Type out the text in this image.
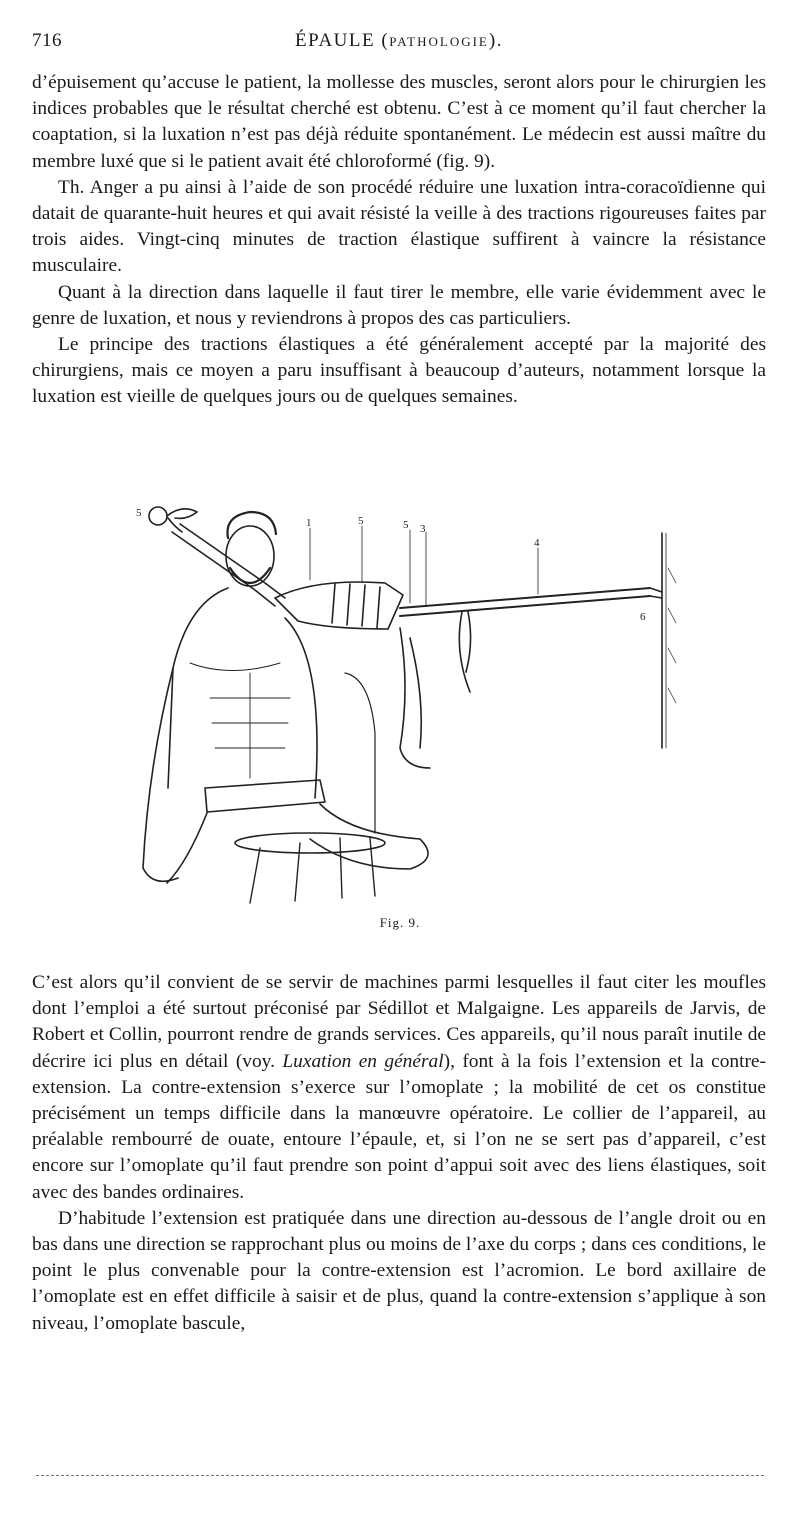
716	ÉPAULE (PATHOLOGIE).

d’épuisement qu’accuse le patient, la mollesse des muscles, seront alors pour le chirurgien les indices probables que le résultat cherché est obtenu. C’est à ce moment qu’il faut chercher la coaptation, si la luxation n’est pas déjà réduite spontanément. Le médecin est aussi maître du membre luxé que si le patient avait été chloroformé (fig. 9).

Th. Anger a pu ainsi à l’aide de son procédé réduire une luxation intra-coracoïdienne qui datait de quarante-huit heures et qui avait résisté la veille à des tractions rigoureuses faites par trois aides. Vingt-cinq minutes de traction élastique suffirent à vaincre la résistance musculaire.

Quant à la direction dans laquelle il faut tirer le membre, elle varie évidemment avec le genre de luxation, et nous y reviendrons à propos des cas particuliers.

Le principe des tractions élastiques a été généralement accepté par la majorité des chirurgiens, mais ce moyen a paru insuffisant à beaucoup d’auteurs, notamment lorsque la luxation est vieille de quelques jours ou de quelques semaines.

5
1	5	5 3
4
6
Fig. 9.

C’est alors qu’il convient de se servir de machines parmi lesquelles il faut citer les moufles dont l’emploi a été surtout préconisé par Sédillot et Malgaigne. Les appareils de Jarvis, de Robert et Collin, pourront rendre de grands services. Ces appareils, qu’il nous paraît inutile de décrire ici plus en détail (voy. Luxation en général), font à la fois l’extension et la contre-extension. La contre-extension s’exerce sur l’omoplate ; la mobilité de cet os constitue précisément un temps difficile dans la manœuvre opératoire. Le collier de l’appareil, au préalable rembourré de ouate, entoure l’épaule, et, si l’on ne se sert pas d’appareil, c’est encore sur l’omoplate qu’il faut prendre son point d’appui soit avec des liens élastiques, soit avec des bandes ordinaires.

D’habitude l’extension est pratiquée dans une direction au-dessous de l’angle droit ou en bas dans une direction se rapprochant plus ou moins de l’axe du corps ; dans ces conditions, le point le plus convenable pour la contre-extension est l’acromion. Le bord axillaire de l’omoplate est en effet difficile à saisir et de plus, quand la contre-extension s’applique à son niveau, l’omoplate bascule,
